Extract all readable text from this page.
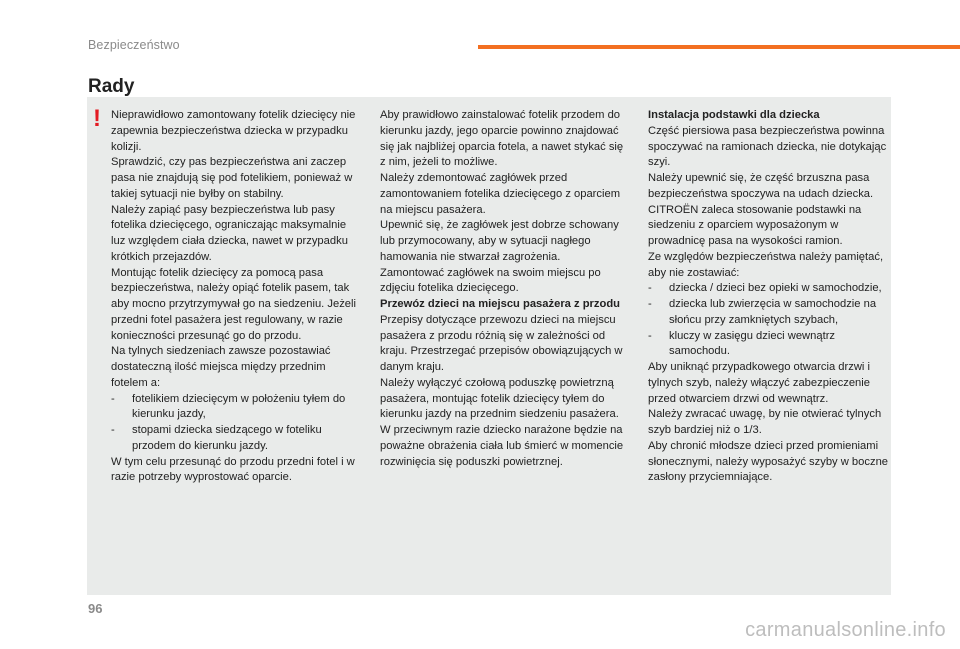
Bezpieczeństwo
Rady
! Nieprawidłowo zamontowany fotelik dziecięcy nie zapewnia bezpieczeństwa dziecka w przypadku kolizji.

Sprawdzić, czy pas bezpieczeństwa ani zaczep pasa nie znajdują się pod fotelikiem, ponieważ w takiej sytuacji nie byłby on stabilny.

Należy zapiąć pasy bezpieczeństwa lub pasy fotelika dziecięcego, ograniczając maksymalnie luz względem ciała dziecka, nawet w przypadku krótkich przejazdów.

Montując fotelik dziecięcy za pomocą pasa bezpieczeństwa, należy opiąć fotelik pasem, tak aby mocno przytrzymywał go na siedzeniu. Jeżeli przedni fotel pasażera jest regulowany, w razie konieczności przesunąć go do przodu.

Na tylnych siedzeniach zawsze pozostawiać dostateczną ilość miejsca między przednim fotelem a:

-	fotelikiem dziecięcym w położeniu tyłem do kierunku jazdy,
-	stopami dziecka siedzącego w foteliku przodem do kierunku jazdy.

W tym celu przesunąć do przodu przedni fotel i w razie potrzeby wyprostować oparcie.

Aby prawidłowo zainstalować fotelik przodem do kierunku jazdy, jego oparcie powinno znajdować się jak najbliżej oparcia fotela, a nawet stykać się z nim, jeżeli to możliwe.

Należy zdemontować zagłówek przed zamontowaniem fotelika dziecięcego z oparciem na miejscu pasażera.

Upewnić się, że zagłówek jest dobrze schowany lub przymocowany, aby w sytuacji nagłego hamowania nie stwarzał zagrożenia. Zamontować zagłówek na swoim miejscu po zdjęciu fotelika dziecięcego.

Przewóz dzieci na miejscu pasażera z przodu

Przepisy dotyczące przewozu dzieci na miejscu pasażera z przodu różnią się w zależności od kraju. Przestrzegać przepisów obowiązujących w danym kraju.

Należy wyłączyć czołową poduszkę powietrzną pasażera, montując fotelik dziecięcy tyłem do kierunku jazdy na przednim siedzeniu pasażera.

W przeciwnym razie dziecko narażone będzie na poważne obrażenia ciała lub śmierć w momencie rozwinięcia się poduszki powietrznej.

Instalacja podstawki dla dziecka

Część piersiowa pasa bezpieczeństwa powinna spoczywać na ramionach dziecka, nie dotykając szyi.

Należy upewnić się, że część brzuszna pasa bezpieczeństwa spoczywa na udach dziecka.

CITROËN zaleca stosowanie podstawki na siedzeniu z oparciem wyposażonym w prowadnicę pasa na wysokości ramion.

Ze względów bezpieczeństwa należy pamiętać, aby nie zostawiać:

-	dziecka / dzieci bez opieki w samochodzie,
-	dziecka lub zwierzęcia w samochodzie na słońcu przy zamkniętych szybach,
-	kluczy w zasięgu dzieci wewnątrz samochodu.

Aby uniknąć przypadkowego otwarcia drzwi i tylnych szyb, należy włączyć zabezpieczenie przed otwarciem drzwi od wewnątrz.

Należy zwracać uwagę, by nie otwierać tylnych szyb bardziej niż o 1/3.

Aby chronić młodsze dzieci przed promieniami słonecznymi, należy wyposażyć szyby w boczne zasłony przyciemniające.

96
carmanualsonline.info
